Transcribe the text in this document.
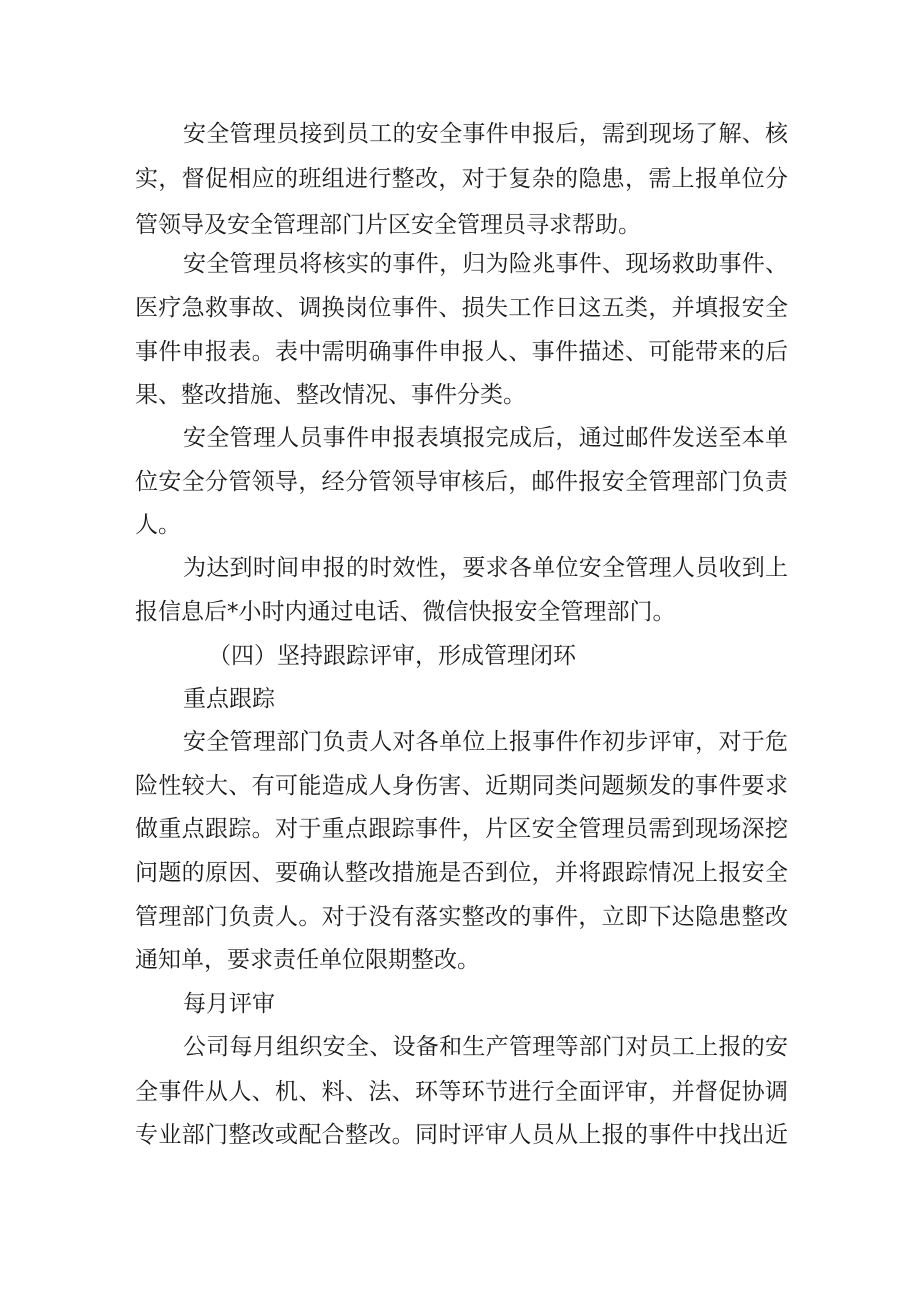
安全管理员接到员工的安全事件申报后，需到现场了解、核
实，督促相应的班组进行整改，对于复杂的隐患，需上报单位分
管领导及安全管理部门片区安全管理员寻求帮助。
安全管理员将核实的事件，归为险兆事件、现场救助事件、
医疗急救事故、调换岗位事件、损失工作日这五类，并填报安全
事件申报表。表中需明确事件申报人、事件描述、可能带来的后
果、整改措施、整改情况、事件分类。
安全管理人员事件申报表填报完成后，通过邮件发送至本单
位安全分管领导，经分管领导审核后，邮件报安全管理部门负责
人。
为达到时间申报的时效性，要求各单位安全管理人员收到上
报信息后*小时内通过电话、微信快报安全管理部门。
（四）坚持跟踪评审，形成管理闭环
重点跟踪
安全管理部门负责人对各单位上报事件作初步评审，对于危
险性较大、有可能造成人身伤害、近期同类问题频发的事件要求
做重点跟踪。对于重点跟踪事件，片区安全管理员需到现场深挖
问题的原因、要确认整改措施是否到位，并将跟踪情况上报安全
管理部门负责人。对于没有落实整改的事件，立即下达隐患整改
通知单，要求责任单位限期整改。
每月评审
公司每月组织安全、设备和生产管理等部门对员工上报的安
全事件从人、机、料、法、环等环节进行全面评审，并督促协调
专业部门整改或配合整改。同时评审人员从上报的事件中找出近
